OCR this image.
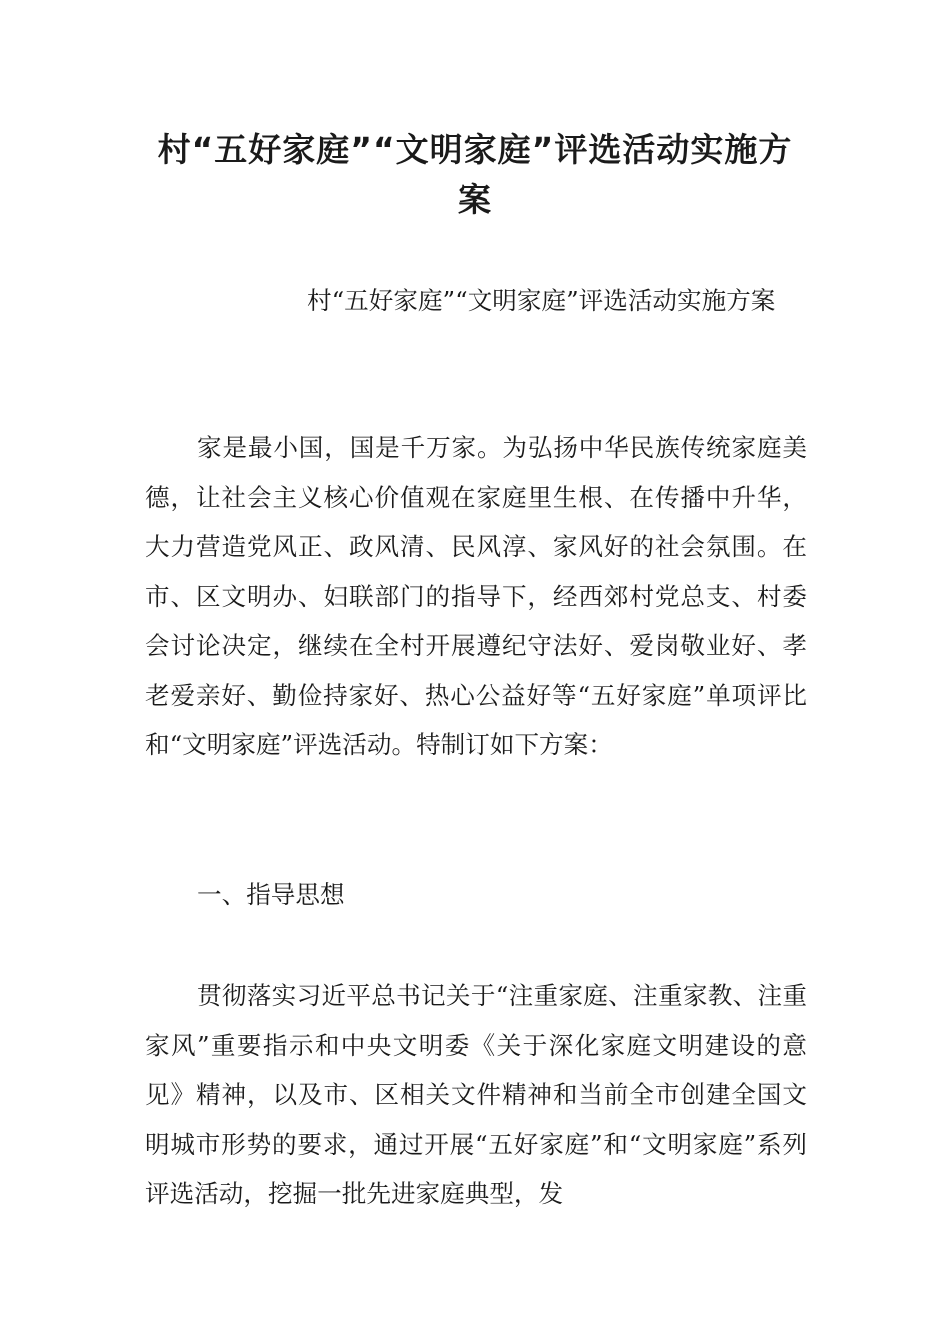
村“五好家庭”“文明家庭”评选活动实施方案

村“五好家庭”“文明家庭”评选活动实施方案

家是最小国，国是千万家。为弘扬中华民族传统家庭美德，让社会主义核心价值观在家庭里生根、在传播中升华，大力营造党风正、政风清、民风淳、家风好的社会氛围。在市、区文明办、妇联部门的指导下，经西郊村党总支、村委会讨论决定，继续在全村开展遵纪守法好、爱岗敬业好、孝老爱亲好、勤俭持家好、热心公益好等“五好家庭”单项评比和“文明家庭”评选活动。特制订如下方案：

一、指导思想

贯彻落实习近平总书记关于“注重家庭、注重家教、注重家风”重要指示和中央文明委《关于深化家庭文明建设的意见》精神，以及市、区相关文件精神和当前全市创建全国文明城市形势的要求，通过开展“五好家庭”和“文明家庭”系列评选活动，挖掘一批先进家庭典型，发
